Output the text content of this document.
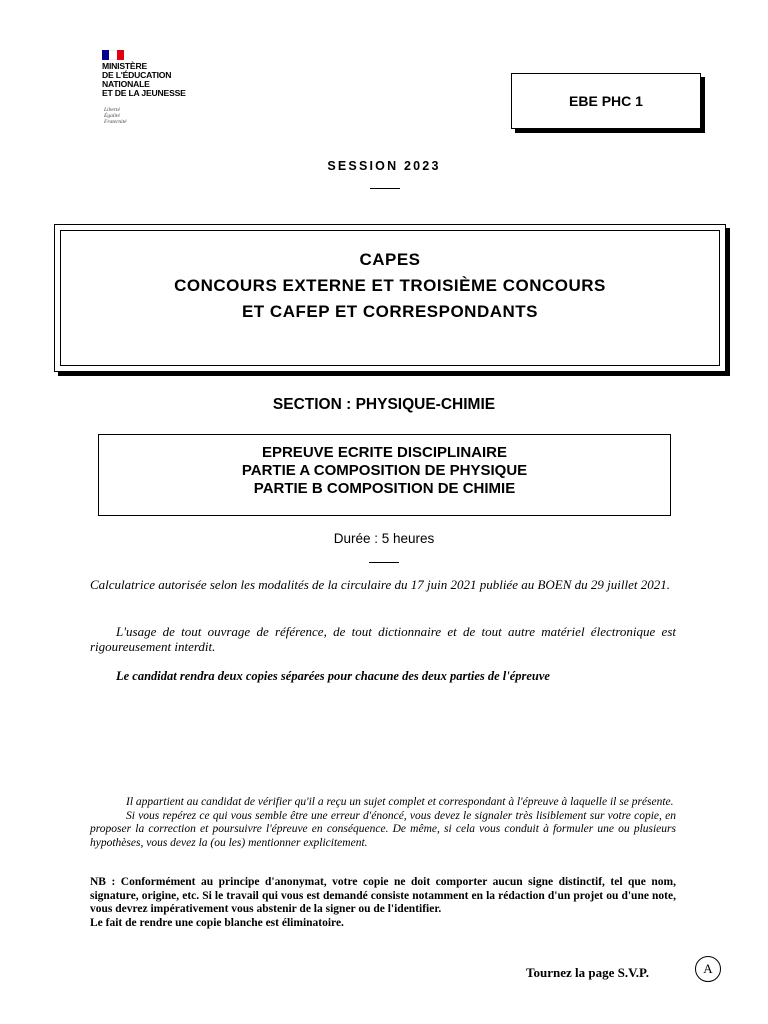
MINISTÈRE
DE L'ÉDUCATION
NATIONALE
ET DE LA JEUNESSE
Liberté
Égalité
Fraternité
EBE PHC 1
SESSION 2023
CAPES
CONCOURS EXTERNE ET TROISIÈME CONCOURS
ET CAFEP ET CORRESPONDANTS
SECTION : PHYSIQUE-CHIMIE
EPREUVE ECRITE DISCIPLINAIRE
PARTIE A COMPOSITION DE PHYSIQUE
PARTIE B COMPOSITION DE CHIMIE
Durée : 5 heures
Calculatrice autorisée selon les modalités de la circulaire du 17 juin 2021 publiée au BOEN du 29 juillet 2021.
L'usage de tout ouvrage de référence, de tout dictionnaire et de tout autre matériel électronique est rigoureusement interdit.
Le candidat rendra deux copies séparées pour chacune des deux parties de l'épreuve

Il appartient au candidat de vérifier qu'il a reçu un sujet complet et correspondant à l'épreuve à laquelle il se présente.

Si vous repérez ce qui vous semble être une erreur d'énoncé, vous devez le signaler très lisiblement sur votre copie, en proposer la correction et poursuivre l'épreuve en conséquence. De même, si cela vous conduit à formuler une ou plusieurs hypothèses, vous devez la (ou les) mentionner explicitement.

NB : Conformément au principe d'anonymat, votre copie ne doit comporter aucun signe distinctif, tel que nom, signature, origine, etc. Si le travail qui vous est demandé consiste notamment en la rédaction d'un projet ou d'une note, vous devrez impérativement vous abstenir de la signer ou de l'identifier.

Le fait de rendre une copie blanche est éliminatoire.

Tournez la page S.V.P.	A
